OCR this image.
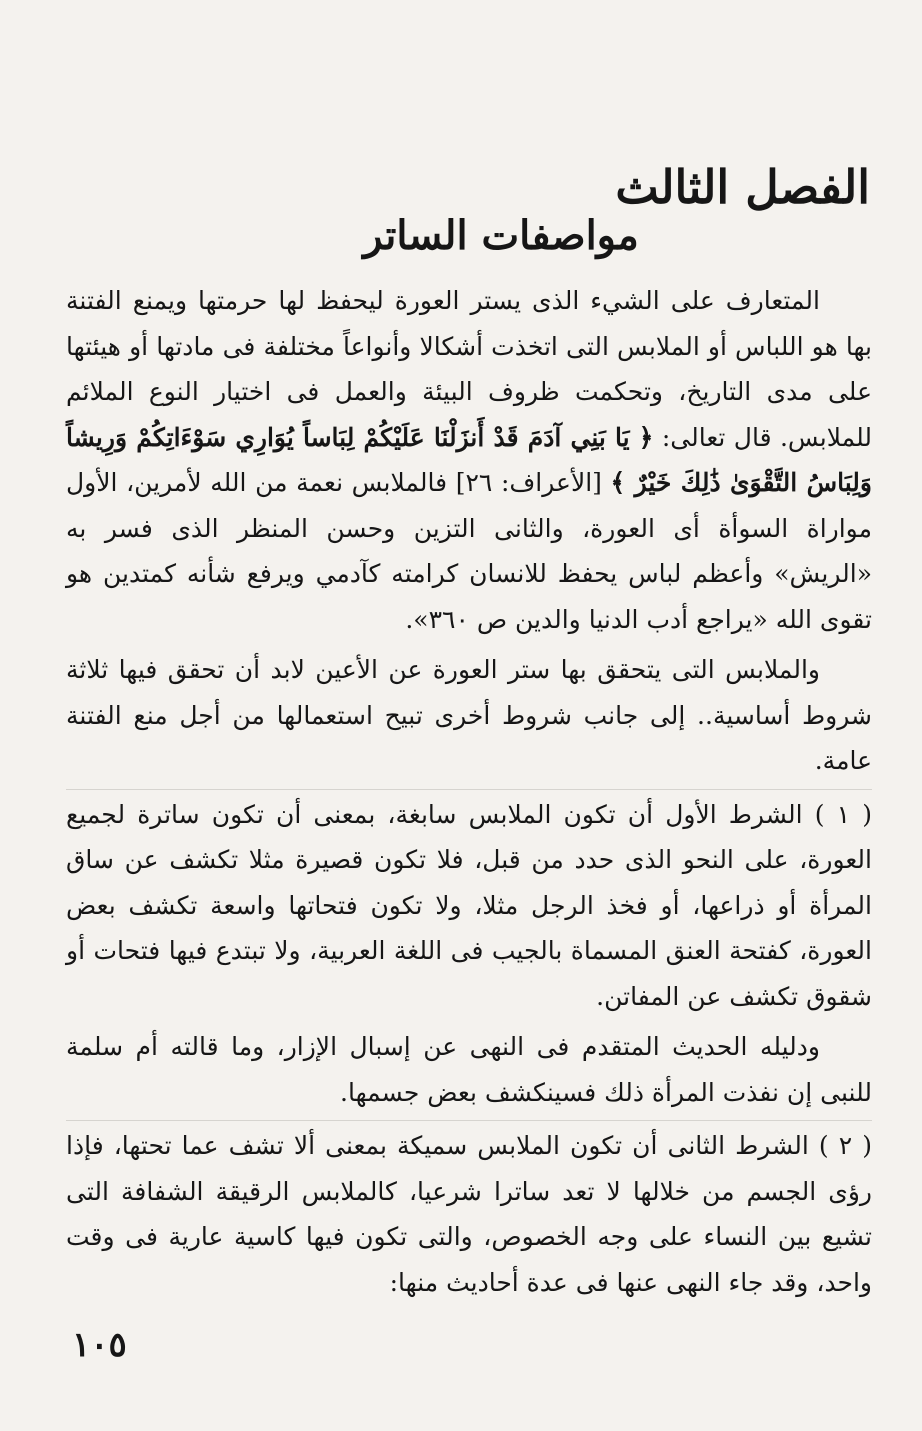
الفصل الثالث
مواصفات الساتر

المتعارف على الشيء الذى يستر العورة ليحفظ لها حرمتها ويمنع الفتنة بها هو اللباس أو الملابس التى اتخذت أشكالا وأنواعاً مختلفة فى مادتها أو هيئتها على مدى التاريخ، وتحكمت ظروف البيئة والعمل فى اختيار النوع الملائم للملابس. قال تعالى: ﴿ يَا بَنِي آدَمَ قَدْ أَنزَلْنَا عَلَيْكُمْ لِبَاساً يُوَارِي سَوْءَاتِكُمْ وَرِيشاً وَلِبَاسُ التَّقْوَىٰ ذَٰلِكَ خَيْرٌ ﴾ [الأعراف: ٢٦] فالملابس نعمة من الله لأمرين، الأول مواراة السوأة أى العورة، والثانى التزين وحسن المنظر الذى فسر به «الريش» وأعظم لباس يحفظ للانسان كرامته كآدمي ويرفع شأنه كمتدين هو تقوى الله «يراجع أدب الدنيا والدين ص ٣٦٠».

والملابس التى يتحقق بها ستر العورة عن الأعين لابد أن تحقق فيها ثلاثة شروط أساسية.. إلى جانب شروط أخرى تبيح استعمالها من أجل منع الفتنة عامة.

( ١ ) الشرط الأول أن تكون الملابس سابغة، بمعنى أن تكون ساترة لجميع العورة، على النحو الذى حدد من قبل، فلا تكون قصيرة مثلا تكشف عن ساق المرأة أو ذراعها، أو فخذ الرجل مثلا، ولا تكون فتحاتها واسعة تكشف بعض العورة، كفتحة العنق المسماة بالجيب فى اللغة العربية، ولا تبتدع فيها فتحات أو شقوق تكشف عن المفاتن.

ودليله الحديث المتقدم فى النهى عن إسبال الإزار، وما قالته أم سلمة للنبى إن نفذت المرأة ذلك فسينكشف بعض جسمها.

( ٢ ) الشرط الثانى أن تكون الملابس سميكة بمعنى ألا تشف عما تحتها، فإذا رؤى الجسم من خلالها لا تعد ساترا شرعيا، كالملابس الرقيقة الشفافة التى تشيع بين النساء على وجه الخصوص، والتى تكون فيها كاسية عارية فى وقت واحد، وقد جاء النهى عنها فى عدة أحاديث منها:

١٠٥
